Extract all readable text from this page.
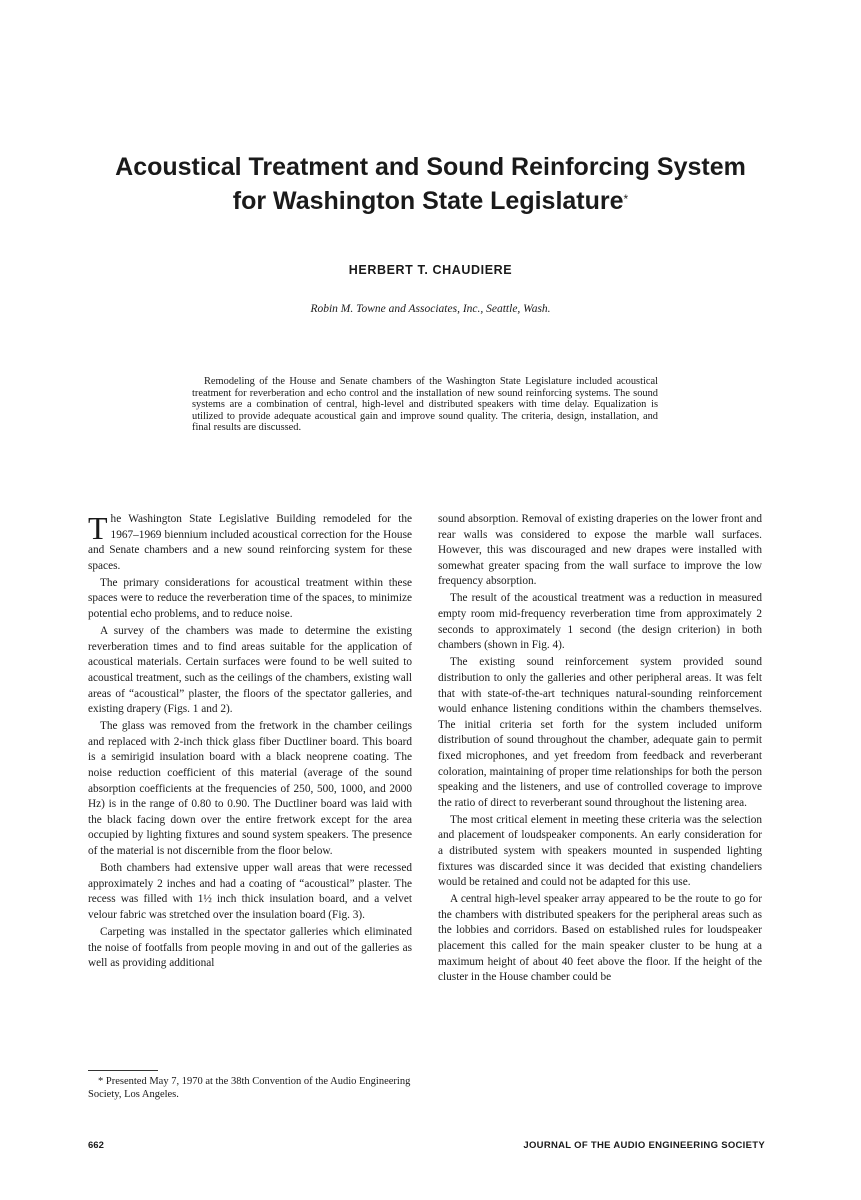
Acoustical Treatment and Sound Reinforcing System
for Washington State Legislature*
HERBERT T. CHAUDIERE
Robin M. Towne and Associates, Inc., Seattle, Wash.

Remodeling of the House and Senate chambers of the Washington State Legislature included acoustical treatment for reverberation and echo control and the installation of new sound reinforcing systems. The sound systems are a combination of central, high-level and distributed speakers with time delay. Equalization is utilized to provide adequate acoustical gain and improve sound quality. The criteria, design, installation, and final results are discussed.

The Washington State Legislative Building remodeled for the 1967–1969 biennium included acoustical correction for the House and Senate chambers and a new sound reinforcing system for these spaces.

The primary considerations for acoustical treatment within these spaces were to reduce the reverberation time of the spaces, to minimize potential echo problems, and to reduce noise.

A survey of the chambers was made to determine the existing reverberation times and to find areas suitable for the application of acoustical materials. Certain surfaces were found to be well suited to acoustical treatment, such as the ceilings of the chambers, existing wall areas of “acoustical” plaster, the floors of the spectator galleries, and existing drapery (Figs. 1 and 2).

The glass was removed from the fretwork in the chamber ceilings and replaced with 2-inch thick glass fiber Ductliner board. This board is a semirigid insulation board with a black neoprene coating. The noise reduction coefficient of this material (average of the sound absorption coefficients at the frequencies of 250, 500, 1000, and 2000 Hz) is in the range of 0.80 to 0.90. The Ductliner board was laid with the black facing down over the entire fretwork except for the area occupied by lighting fixtures and sound system speakers. The presence of the material is not discernible from the floor below.

Both chambers had extensive upper wall areas that were recessed approximately 2 inches and had a coating of “acoustical” plaster. The recess was filled with 1½ inch thick insulation board, and a velvet velour fabric was stretched over the insulation board (Fig. 3).

Carpeting was installed in the spectator galleries which eliminated the noise of footfalls from people moving in and out of the galleries as well as providing additional

sound absorption. Removal of existing draperies on the lower front and rear walls was considered to expose the marble wall surfaces. However, this was discouraged and new drapes were installed with somewhat greater spacing from the wall surface to improve the low frequency absorption.

The result of the acoustical treatment was a reduction in measured empty room mid-frequency reverberation time from approximately 2 seconds to approximately 1 second (the design criterion) in both chambers (shown in Fig. 4).

The existing sound reinforcement system provided sound distribution to only the galleries and other peripheral areas. It was felt that with state-of-the-art techniques natural-sounding reinforcement would enhance listening conditions within the chambers themselves. The initial criteria set forth for the system included uniform distribution of sound throughout the chamber, adequate gain to permit fixed microphones, and yet freedom from feedback and reverberant coloration, maintaining of proper time relationships for both the person speaking and the listeners, and use of controlled coverage to improve the ratio of direct to reverberant sound throughout the listening area.

The most critical element in meeting these criteria was the selection and placement of loudspeaker components. An early consideration for a distributed system with speakers mounted in suspended lighting fixtures was discarded since it was decided that existing chandeliers would be retained and could not be adapted for this use.

A central high-level speaker array appeared to be the route to go for the chambers with distributed speakers for the peripheral areas such as the lobbies and corridors. Based on established rules for loudspeaker placement this called for the main speaker cluster to be hung at a maximum height of about 40 feet above the floor. If the height of the cluster in the House chamber could be

* Presented May 7, 1970 at the 38th Convention of the Audio Engineering Society, Los Angeles.

662	JOURNAL OF THE AUDIO ENGINEERING SOCIETY
